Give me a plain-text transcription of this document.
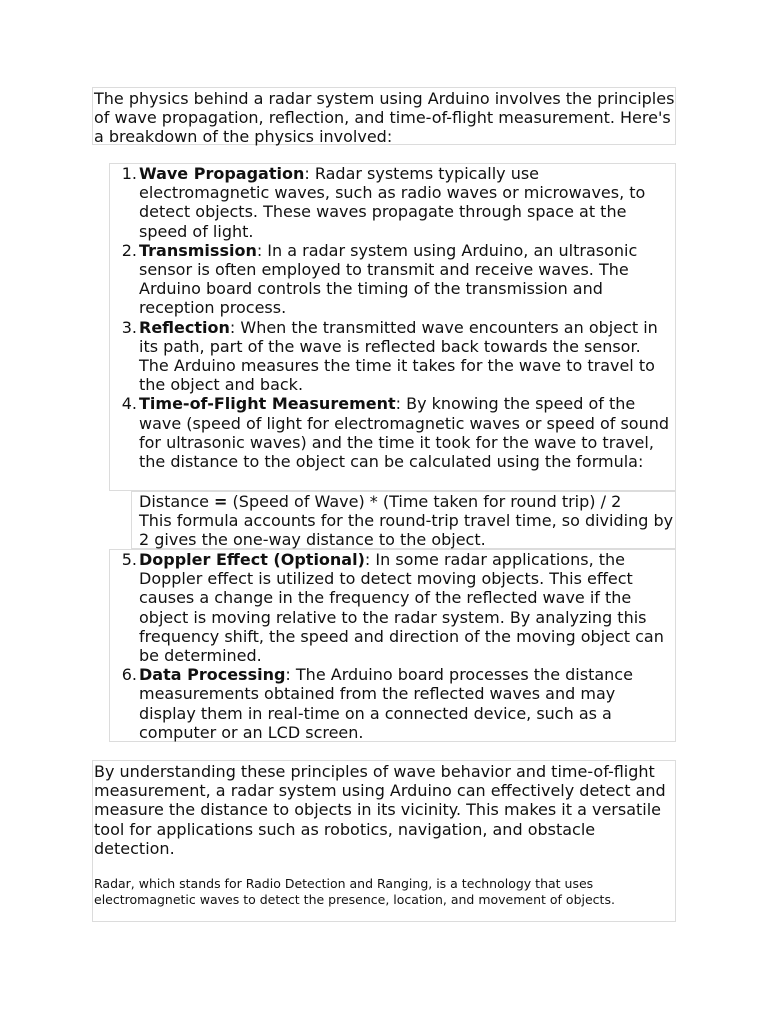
The physics behind a radar system using Arduino involves the principles of wave propagation, reflection, and time-of-flight measurement. Here's a breakdown of the physics involved:
1. Wave Propagation: Radar systems typically use electromagnetic waves, such as radio waves or microwaves, to detect objects. These waves propagate through space at the speed of light.
2. Transmission: In a radar system using Arduino, an ultrasonic sensor is often employed to transmit and receive waves. The Arduino board controls the timing of the transmission and reception process.
3. Reflection: When the transmitted wave encounters an object in its path, part of the wave is reflected back towards the sensor. The Arduino measures the time it takes for the wave to travel to the object and back.
4. Time-of-Flight Measurement: By knowing the speed of the wave (speed of light for electromagnetic waves or speed of sound for ultrasonic waves) and the time it took for the wave to travel, the distance to the object can be calculated using the formula:
Distance = (Speed of Wave) * (Time taken for round trip) / 2
This formula accounts for the round-trip travel time, so dividing by 2 gives the one-way distance to the object.
5. Doppler Effect (Optional): In some radar applications, the Doppler effect is utilized to detect moving objects. This effect causes a change in the frequency of the reflected wave if the object is moving relative to the radar system. By analyzing this frequency shift, the speed and direction of the moving object can be determined.
6. Data Processing: The Arduino board processes the distance measurements obtained from the reflected waves and may display them in real-time on a connected device, such as a computer or an LCD screen.
By understanding these principles of wave behavior and time-of-flight measurement, a radar system using Arduino can effectively detect and measure the distance to objects in its vicinity. This makes it a versatile tool for applications such as robotics, navigation, and obstacle detection.
Radar, which stands for Radio Detection and Ranging, is a technology that uses electromagnetic waves to detect the presence, location, and movement of objects.
